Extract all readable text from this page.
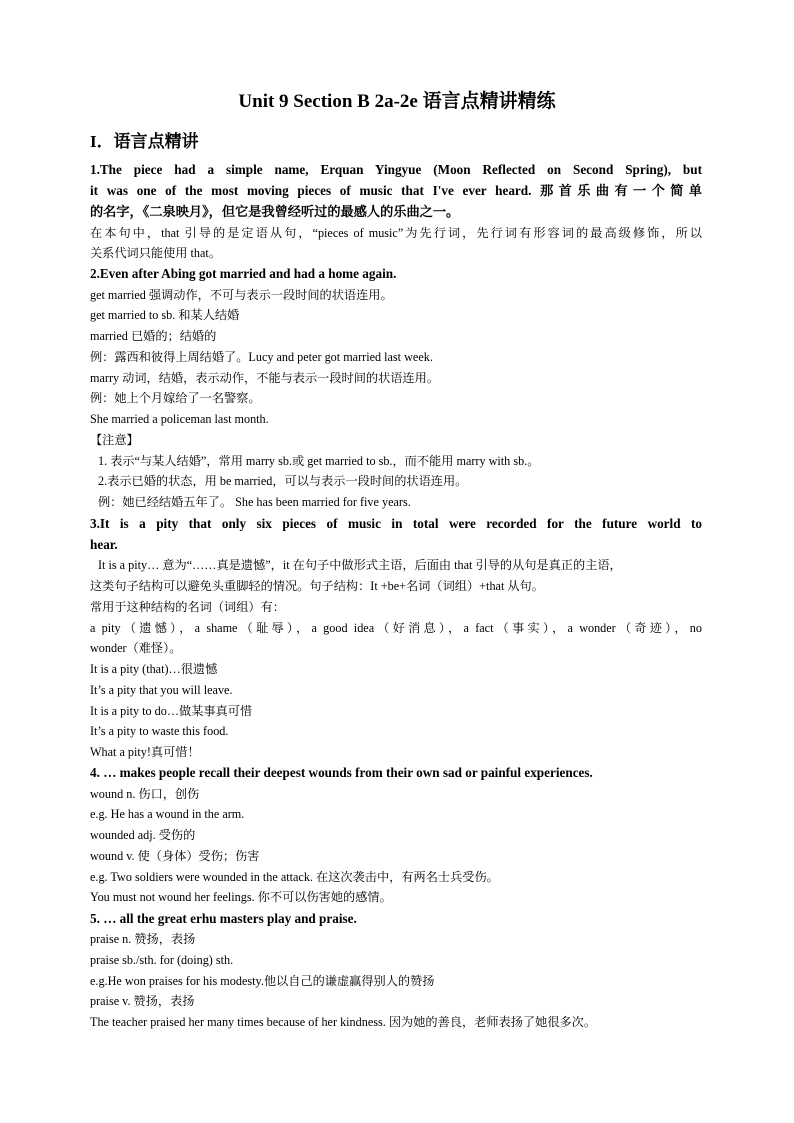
Unit 9 Section B 2a-2e 语言点精讲精练
I．语言点精讲
1.The piece had a simple name, Erquan Yingyue (Moon Reflected on Second Spring), but
it was one of the most moving pieces of music that I've ever heard. 那首乐曲有一个简单
的名字，《二泉映月》，但它是我曾经听过的最感人的乐曲之一。
在本句中，that 引导的是定语从句，“pieces of music”为先行词，先行词有形容词的最高级修饰，所以
关系代词只能使用 that。
2.Even after Abing got married and had a home again.
get married 强调动作，不可与表示一段时间的状语连用。
get married to sb. 和某人结婚
married 已婚的；结婚的
例：露西和彼得上周结婚了。Lucy and peter got married last week.
marry 动词，结婚，表示动作，不能与表示一段时间的状语连用。
例：她上个月嫁给了一名警察。
She married a policeman last month.
【注意】
1. 表示“与某人结婚”，常用 marry sb.或 get married to sb.，而不能用 marry with sb.。
2.表示已婚的状态，用 be married，可以与表示一段时间的状语连用。
例：她已经结婚五年了。 She has been married for five years.
3.It is a pity that only six pieces of music in total were recorded for the future world to
hear.
It is a pity… 意为“……真是遗憾”，it 在句子中做形式主语，后面由 that 引导的从句是真正的主语，
这类句子结构可以避免头重脚轻的情况。句子结构：It +be+名词（词组）+that 从句。
常用于这种结构的名词（词组）有：
a pity（遗憾），a shame（耻辱），a good idea（好消息），a fact（事实），a wonder（奇迹），no
wonder（难怪）。
It is a pity (that)…很遗憾
It’s a pity that you will leave.
It is a pity to do…做某事真可惜
It’s a pity to waste this food.
What a pity!真可惜！
4. … makes people recall their deepest wounds from their own sad or painful experiences.
wound n. 伤口，创伤
e.g. He has a wound in the arm.
wounded adj. 受伤的
wound v. 使（身体）受伤；伤害
e.g. Two soldiers were wounded in the attack. 在这次袭击中，有两名士兵受伤。
You must not wound her feelings. 你不可以伤害她的感情。
5. … all the great erhu masters play and praise.
praise n. 赞扬，表扬
praise sb./sth. for (doing) sth.
e.g.He won praises for his modesty.他以自己的谦虚赢得别人的赞扬
praise v. 赞扬，表扬
The teacher praised her many times because of her kindness. 因为她的善良，老师表扬了她很多次。
